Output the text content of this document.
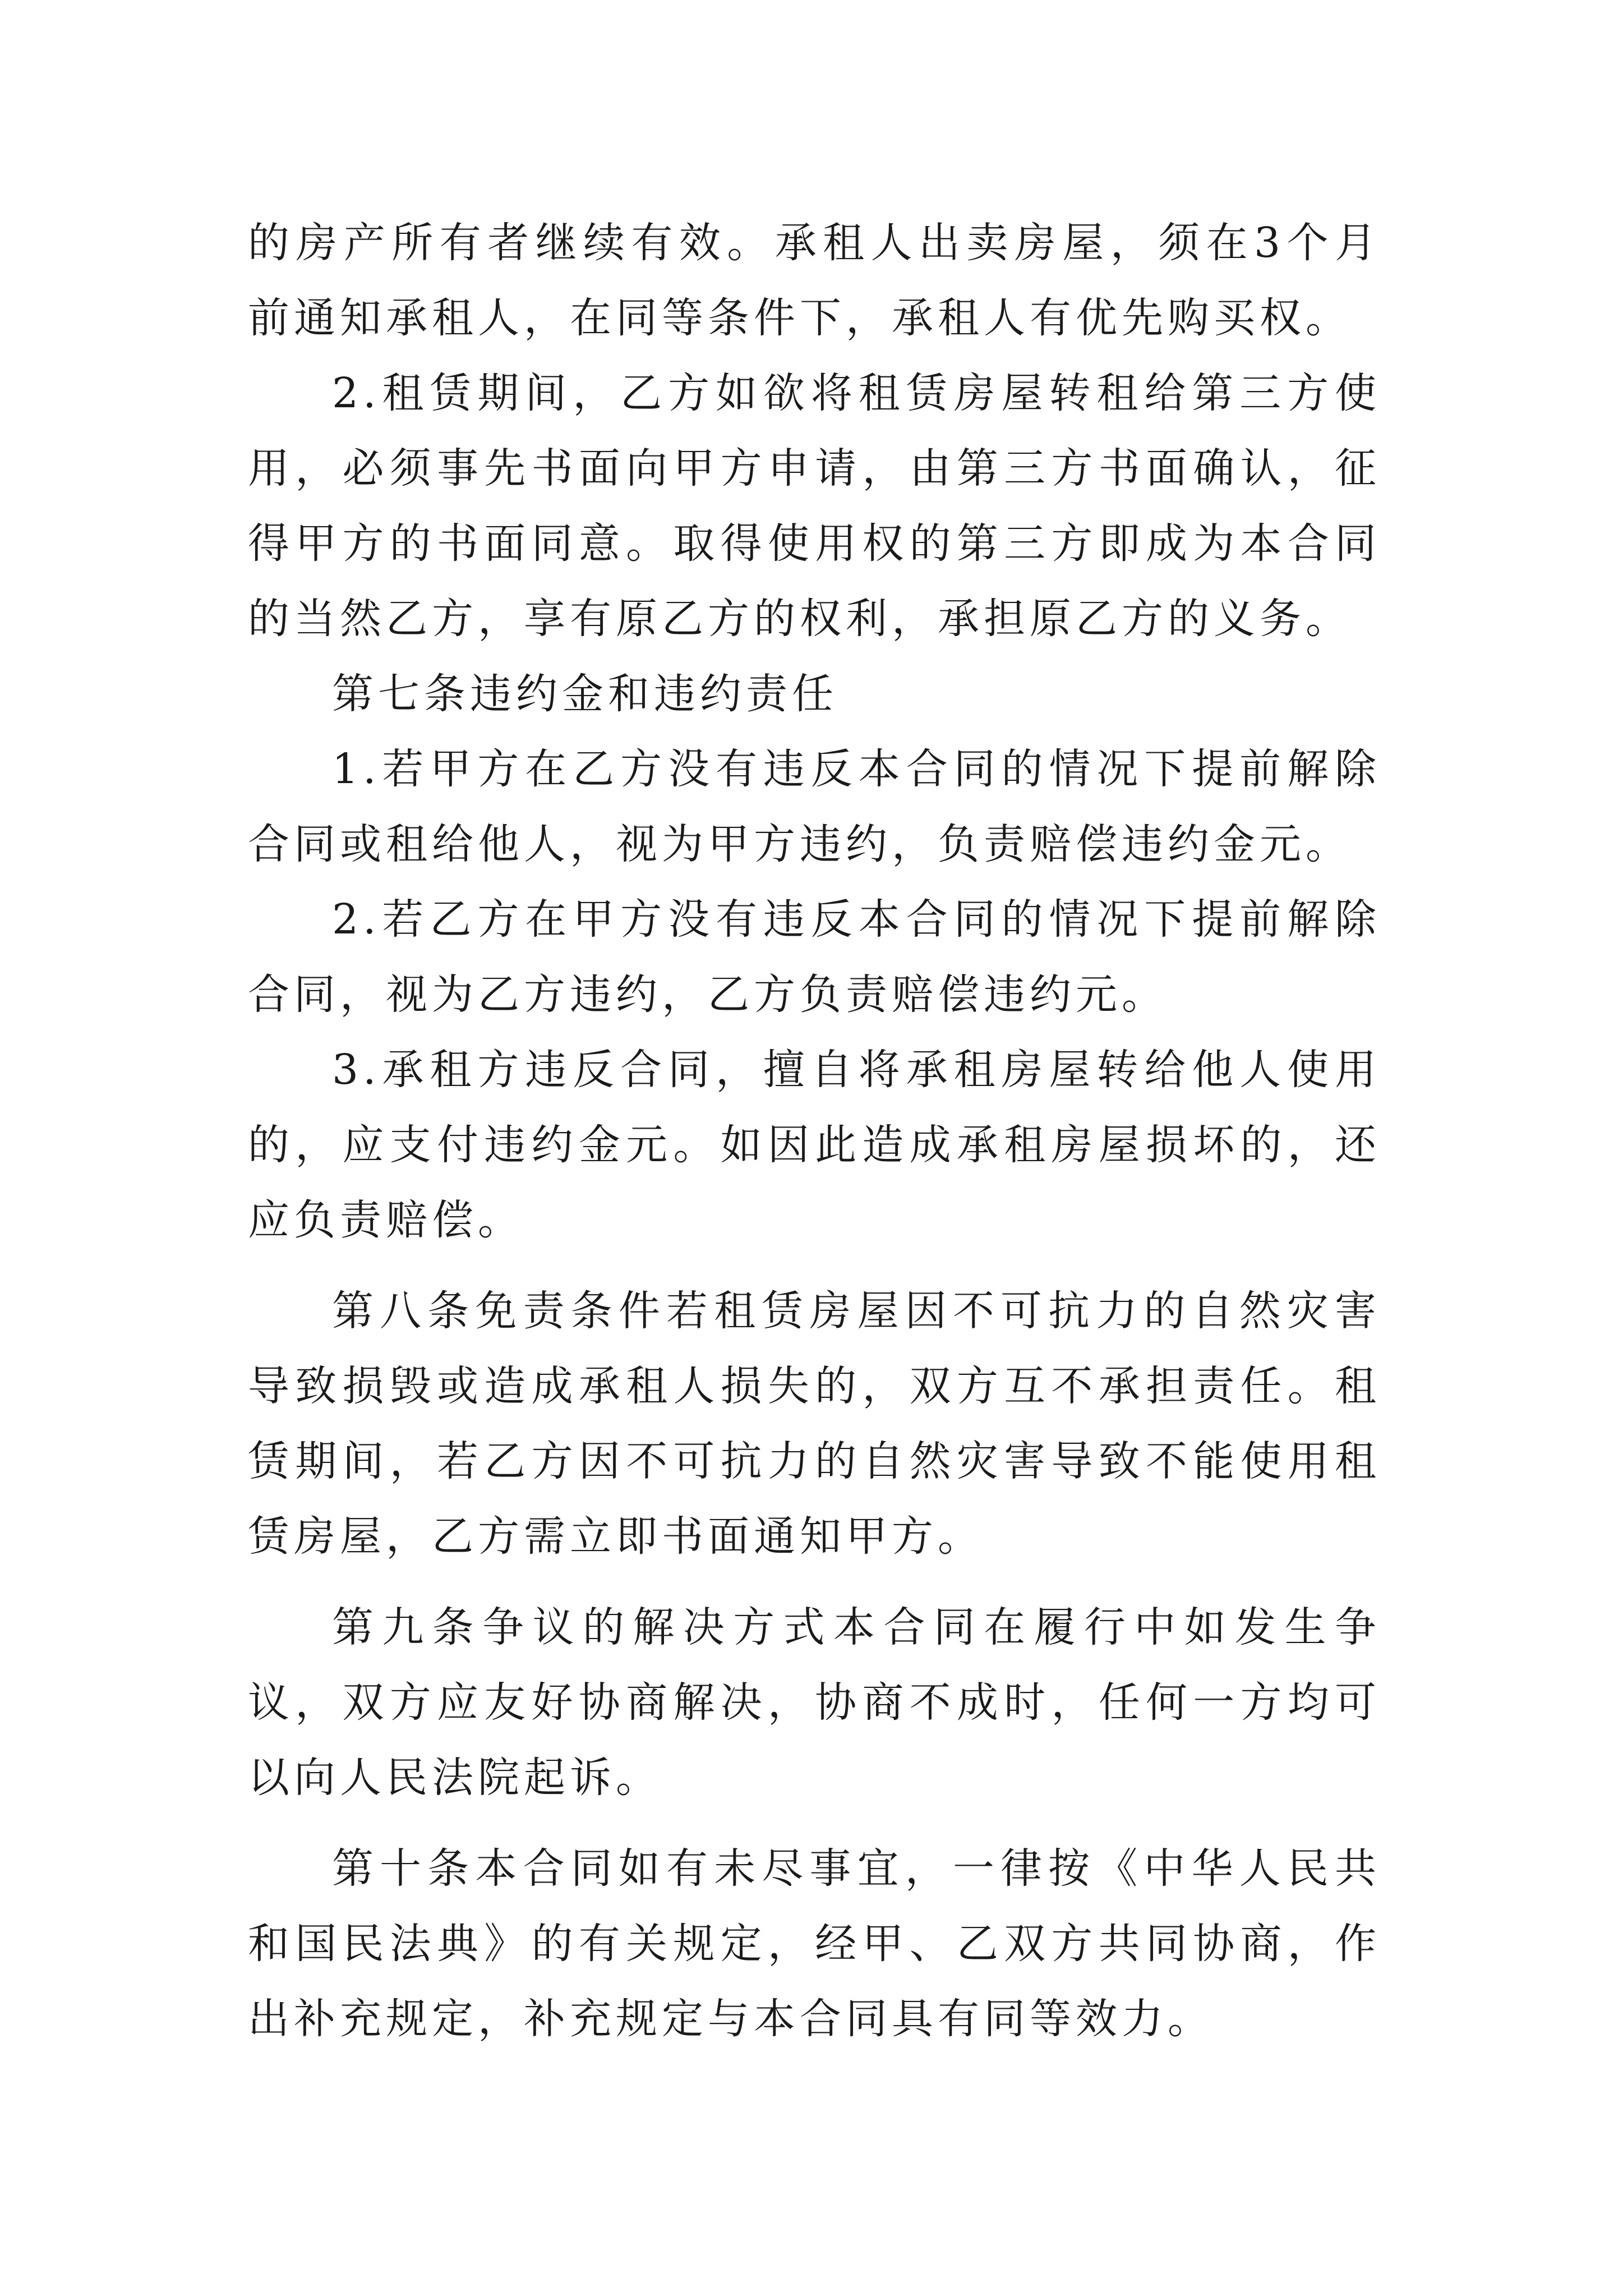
的房产所有者继续有效。承租人出卖房屋，须在3个月前通知承租人，在同等条件下，承租人有优先购买权。

2.租赁期间，乙方如欲将租赁房屋转租给第三方使用，必须事先书面向甲方申请，由第三方书面确认，征得甲方的书面同意。取得使用权的第三方即成为本合同的当然乙方，享有原乙方的权利，承担原乙方的义务。

第七条违约金和违约责任

1.若甲方在乙方没有违反本合同的情况下提前解除合同或租给他人，视为甲方违约，负责赔偿违约金元。

2.若乙方在甲方没有违反本合同的情况下提前解除合同，视为乙方违约，乙方负责赔偿违约元。

3.承租方违反合同，擅自将承租房屋转给他人使用的，应支付违约金元。如因此造成承租房屋损坏的，还应负责赔偿。

第八条免责条件若租赁房屋因不可抗力的自然灾害导致损毁或造成承租人损失的，双方互不承担责任。租赁期间，若乙方因不可抗力的自然灾害导致不能使用租赁房屋，乙方需立即书面通知甲方。

第九条争议的解决方式本合同在履行中如发生争议，双方应友好协商解决，协商不成时，任何一方均可以向人民法院起诉。

第十条本合同如有未尽事宜，一律按《中华人民共和国民法典》的有关规定，经甲、乙双方共同协商，作出补充规定，补充规定与本合同具有同等效力。
